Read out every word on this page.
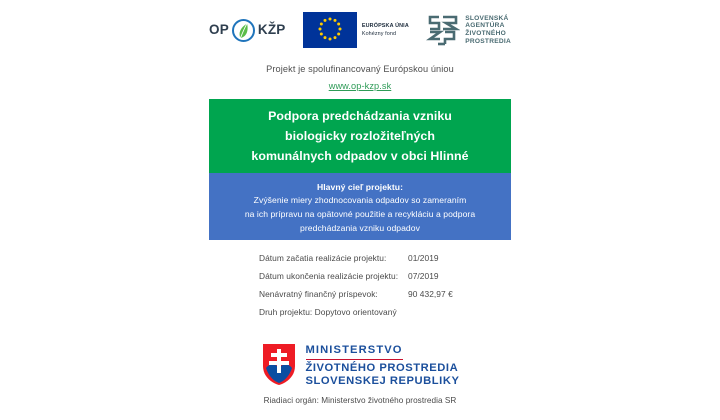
OP KŽP	EURÓPSKA ÚNIA
Kohézny fond
SLOVENSKÁ
AGENTÚRA
ŽIVOTNÉHO
PROSTREDIA
Projekt je spolufinancovaný Európskou úniou
www.op-kzp.sk
Podpora predchádzania vzniku
biologicky rozložiteľných
komunálnych odpadov v obci Hlinné
Hlavný cieľ projektu:
Zvýšenie miery zhodnocovania odpadov so zameraním
na ich prípravu na opätovné použitie a recykláciu a podpora
predchádzania vzniku odpadov
Dátum začatia realizácie projektu:	01/2019
Dátum ukončenia realizácie projektu:	07/2019
Nenávratný finančný príspevok:	90 432,97 €
Druh projektu: Dopytovo orientovaný
MINISTERSTVO
ŽIVOTNÉHO PROSTREDIA
SLOVENSKEJ REPUBLIKY
Riadiaci orgán: Ministerstvo životného prostredia SR
